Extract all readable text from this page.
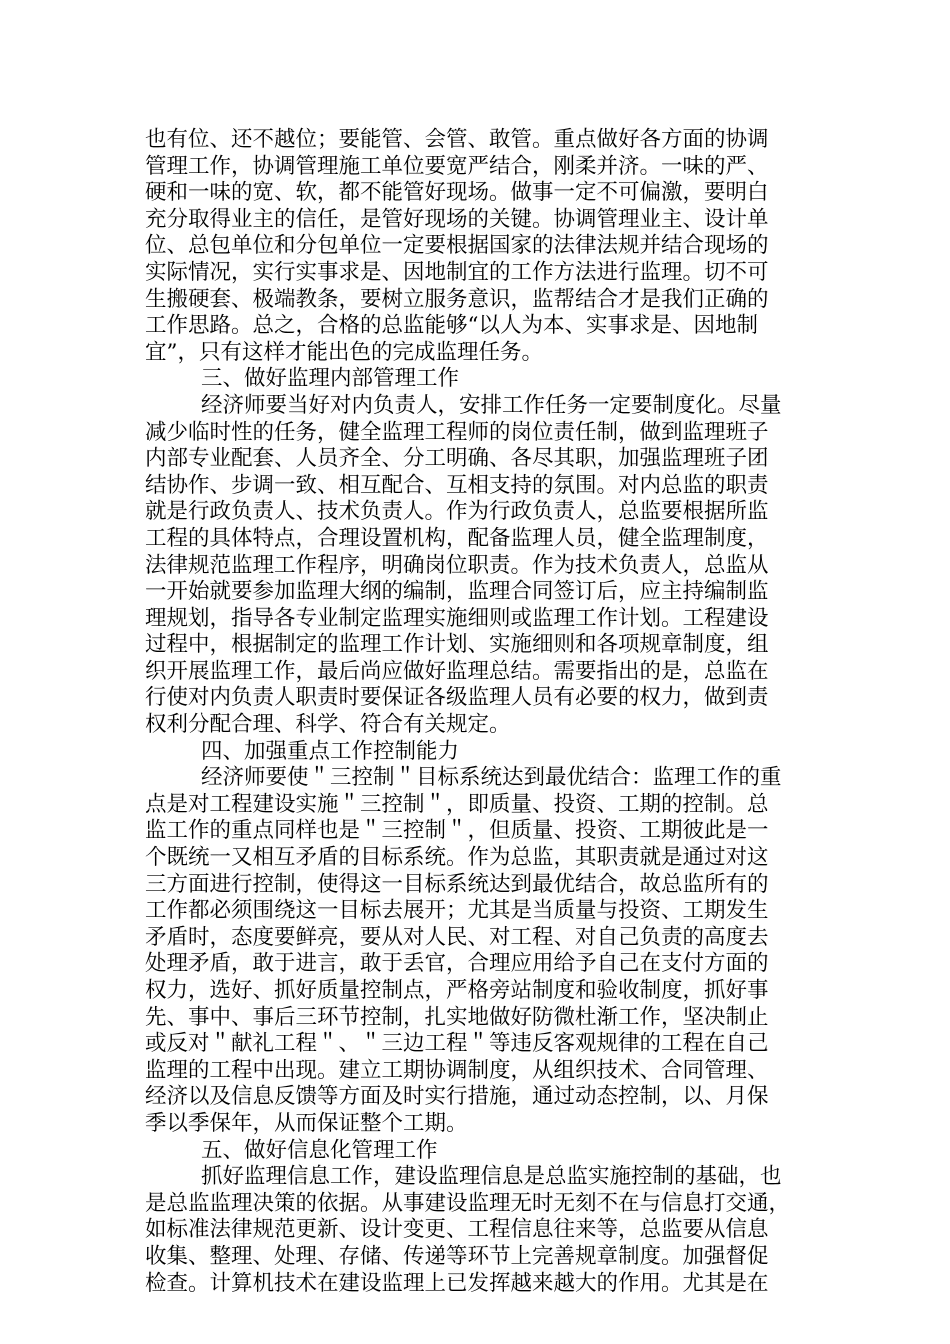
也有位、还不越位；要能管、会管、敢管。重点做好各方面的协调
管理工作，协调管理施工单位要宽严结合，刚柔并济。一味的严、
硬和一味的宽、软，都不能管好现场。做事一定不可偏激，要明白
充分取得业主的信任，是管好现场的关键。协调管理业主、设计单
位、总包单位和分包单位一定要根据国家的法律法规并结合现场的
实际情况，实行实事求是、因地制宜的工作方法进行监理。切不可
生搬硬套、极端教条，要树立服务意识，监帮结合才是我们正确的
工作思路。总之，合格的总监能够“以人为本、实事求是、因地制
宜”，只有这样才能出色的完成监理任务。
三、做好监理内部管理工作
经济师要当好对内负责人，安排工作任务一定要制度化。尽量
减少临时性的任务，健全监理工程师的岗位责任制，做到监理班子
内部专业配套、人员齐全、分工明确、各尽其职，加强监理班子团
结协作、步调一致、相互配合、互相支持的氛围。对内总监的职责
就是行政负责人、技术负责人。作为行政负责人，总监要根据所监
工程的具体特点，合理设置机构，配备监理人员，健全监理制度，
法律规范监理工作程序，明确岗位职责。作为技术负责人，总监从
一开始就要参加监理大纲的编制，监理合同签订后，应主持编制监
理规划，指导各专业制定监理实施细则或监理工作计划。工程建设
过程中，根据制定的监理工作计划、实施细则和各项规章制度，组
织开展监理工作，最后尚应做好监理总结。需要指出的是，总监在
行使对内负责人职责时要保证各级监理人员有必要的权力，做到责
权利分配合理、科学、符合有关规定。
四、加强重点工作控制能力
经济师要使＂三控制＂目标系统达到最优结合：监理工作的重
点是对工程建设实施＂三控制＂，即质量、投资、工期的控制。总
监工作的重点同样也是＂三控制＂，但质量、投资、工期彼此是一
个既统一又相互矛盾的目标系统。作为总监，其职责就是通过对这
三方面进行控制，使得这一目标系统达到最优结合，故总监所有的
工作都必须围绕这一目标去展开；尤其是当质量与投资、工期发生
矛盾时，态度要鲜亮，要从对人民、对工程、对自己负责的高度去
处理矛盾，敢于进言，敢于丢官，合理应用给予自己在支付方面的
权力，选好、抓好质量控制点，严格旁站制度和验收制度，抓好事
先、事中、事后三环节控制，扎实地做好防微杜渐工作，坚决制止
或反对＂献礼工程＂、＂三边工程＂等违反客观规律的工程在自己
监理的工程中出现。建立工期协调制度，从组织技术、合同管理、
经济以及信息反馈等方面及时实行措施，通过动态控制，以、月保
季以季保年，从而保证整个工期。
五、做好信息化管理工作
抓好监理信息工作，建设监理信息是总监实施控制的基础，也
是总监监理决策的依据。从事建设监理无时无刻不在与信息打交通，
如标准法律规范更新、设计变更、工程信息往来等，总监要从信息
收集、整理、处理、存储、传递等环节上完善规章制度。加强督促
检查。计算机技术在建设监理上已发挥越来越大的作用。尤其是在
